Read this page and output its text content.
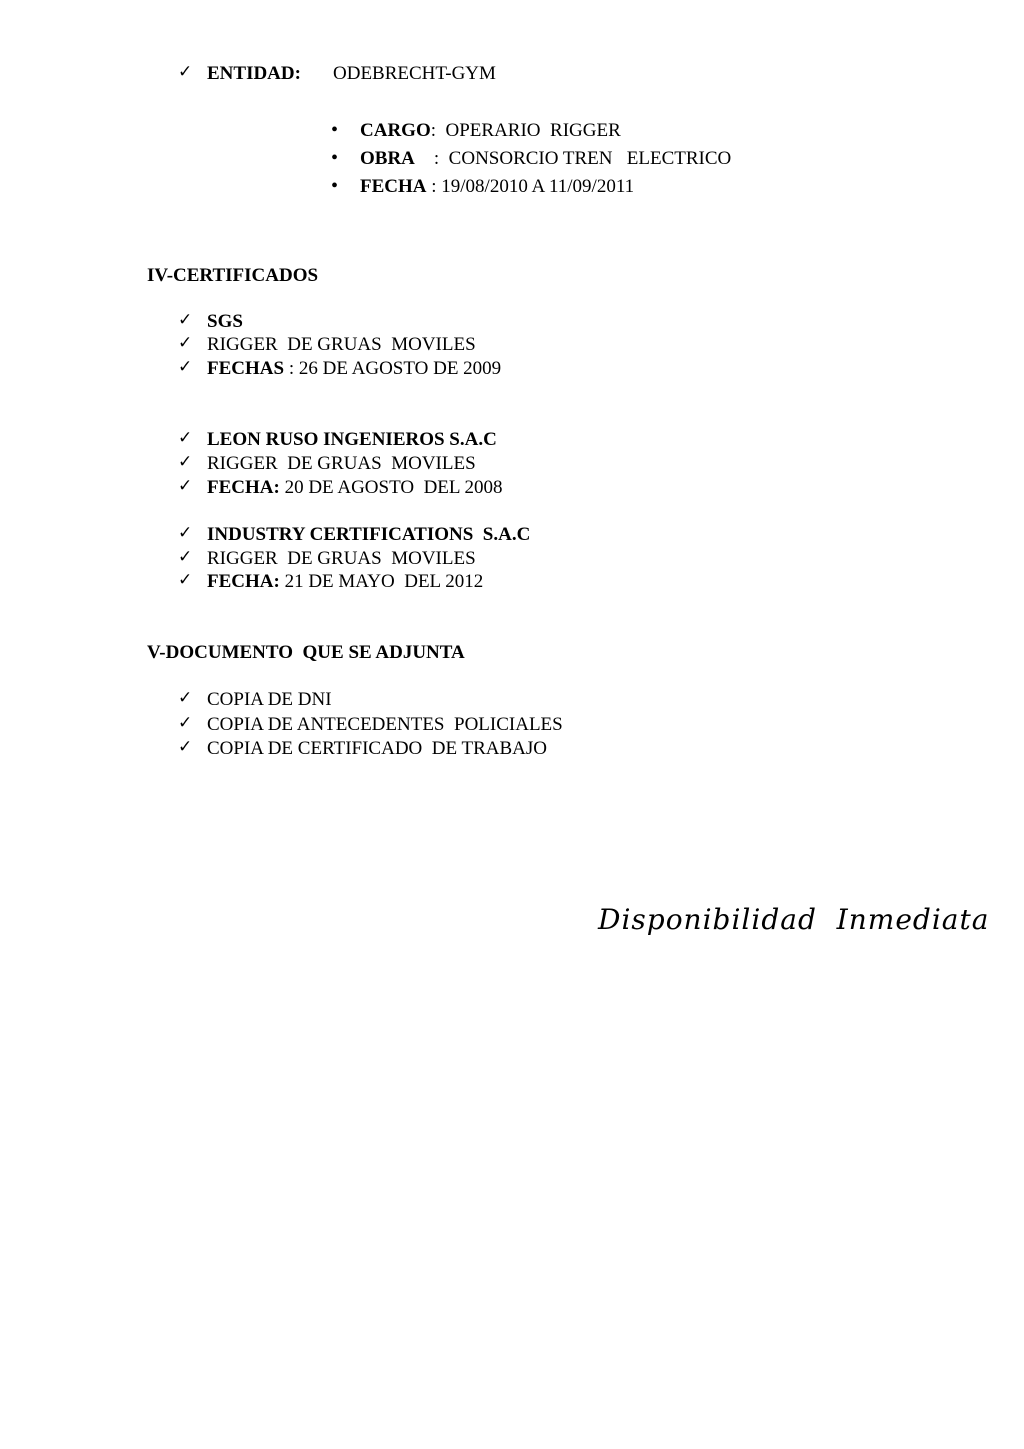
✓ ENTIDAD: ODEBRECHT-GYM
• CARGO:  OPERARIO  RIGGER
• OBRA    :  CONSORCIO TREN   ELECTRICO
• FECHA : 19/08/2010 A 11/09/2011
IV-CERTIFICADOS
✓ SGS
✓ RIGGER  DE GRUAS  MOVILES
✓ FECHAS : 26 DE AGOSTO DE 2009
✓ LEON RUSO INGENIEROS S.A.C
✓ RIGGER  DE GRUAS  MOVILES
✓ FECHA: 20 DE AGOSTO  DEL 2008
✓ INDUSTRY CERTIFICATIONS  S.A.C
✓ RIGGER  DE GRUAS  MOVILES
✓ FECHA: 21 DE MAYO  DEL 2012
V-DOCUMENTO  QUE SE ADJUNTA
✓ COPIA DE DNI
✓ COPIA DE ANTECEDENTES  POLICIALES
✓ COPIA DE CERTIFICADO  DE TRABAJO
Disponibilidad  Inmediata
